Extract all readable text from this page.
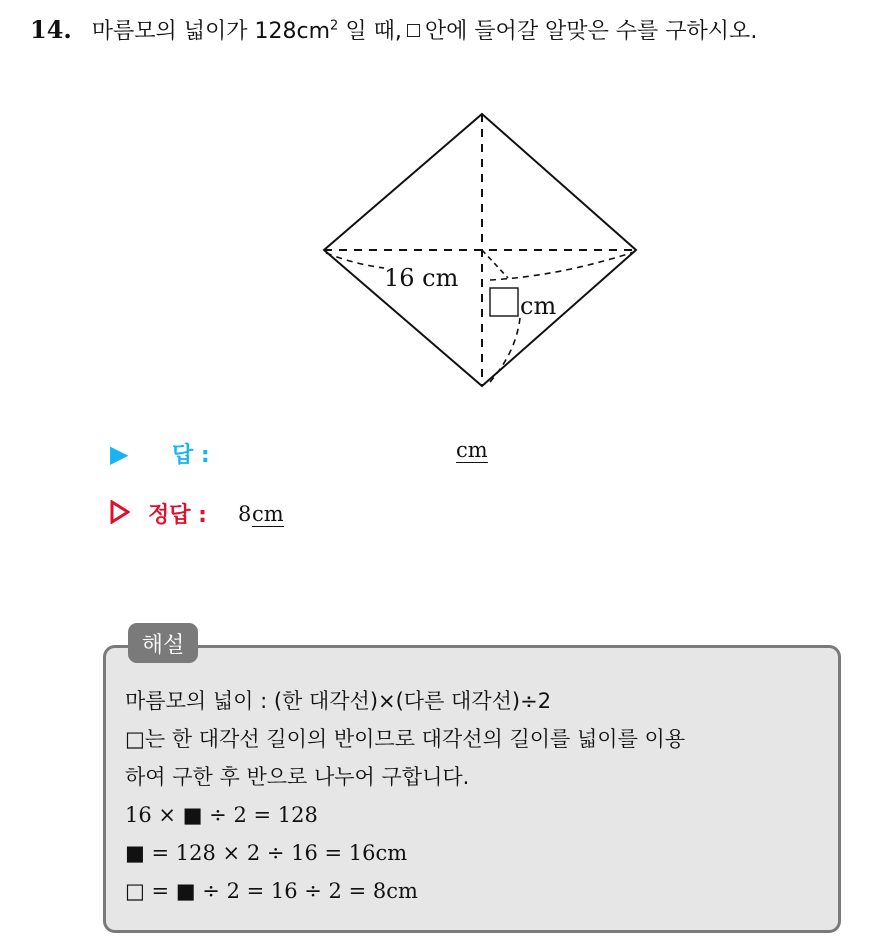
14. 마름모의 넓이가 $128cm^2$ 일 때, 안에 들어갈 알맞은 수를 구하시오.
16 cm
cm
▶ 답 :	cm
정답 : 8 cm
해설
마름모의 넓이 : (한 대각선)×(다른 대각선)÷2
□는 한 대각선 길이의 반이므로 대각선의 길이를 넓이를 이용
하여 구한 후 반으로 나누어 구합니다.
16 × ■ ÷ 2 = 128
■ = 128 × 2 ÷ 16 = 16cm
□ = ■ ÷ 2 = 16 ÷ 2 = 8cm
